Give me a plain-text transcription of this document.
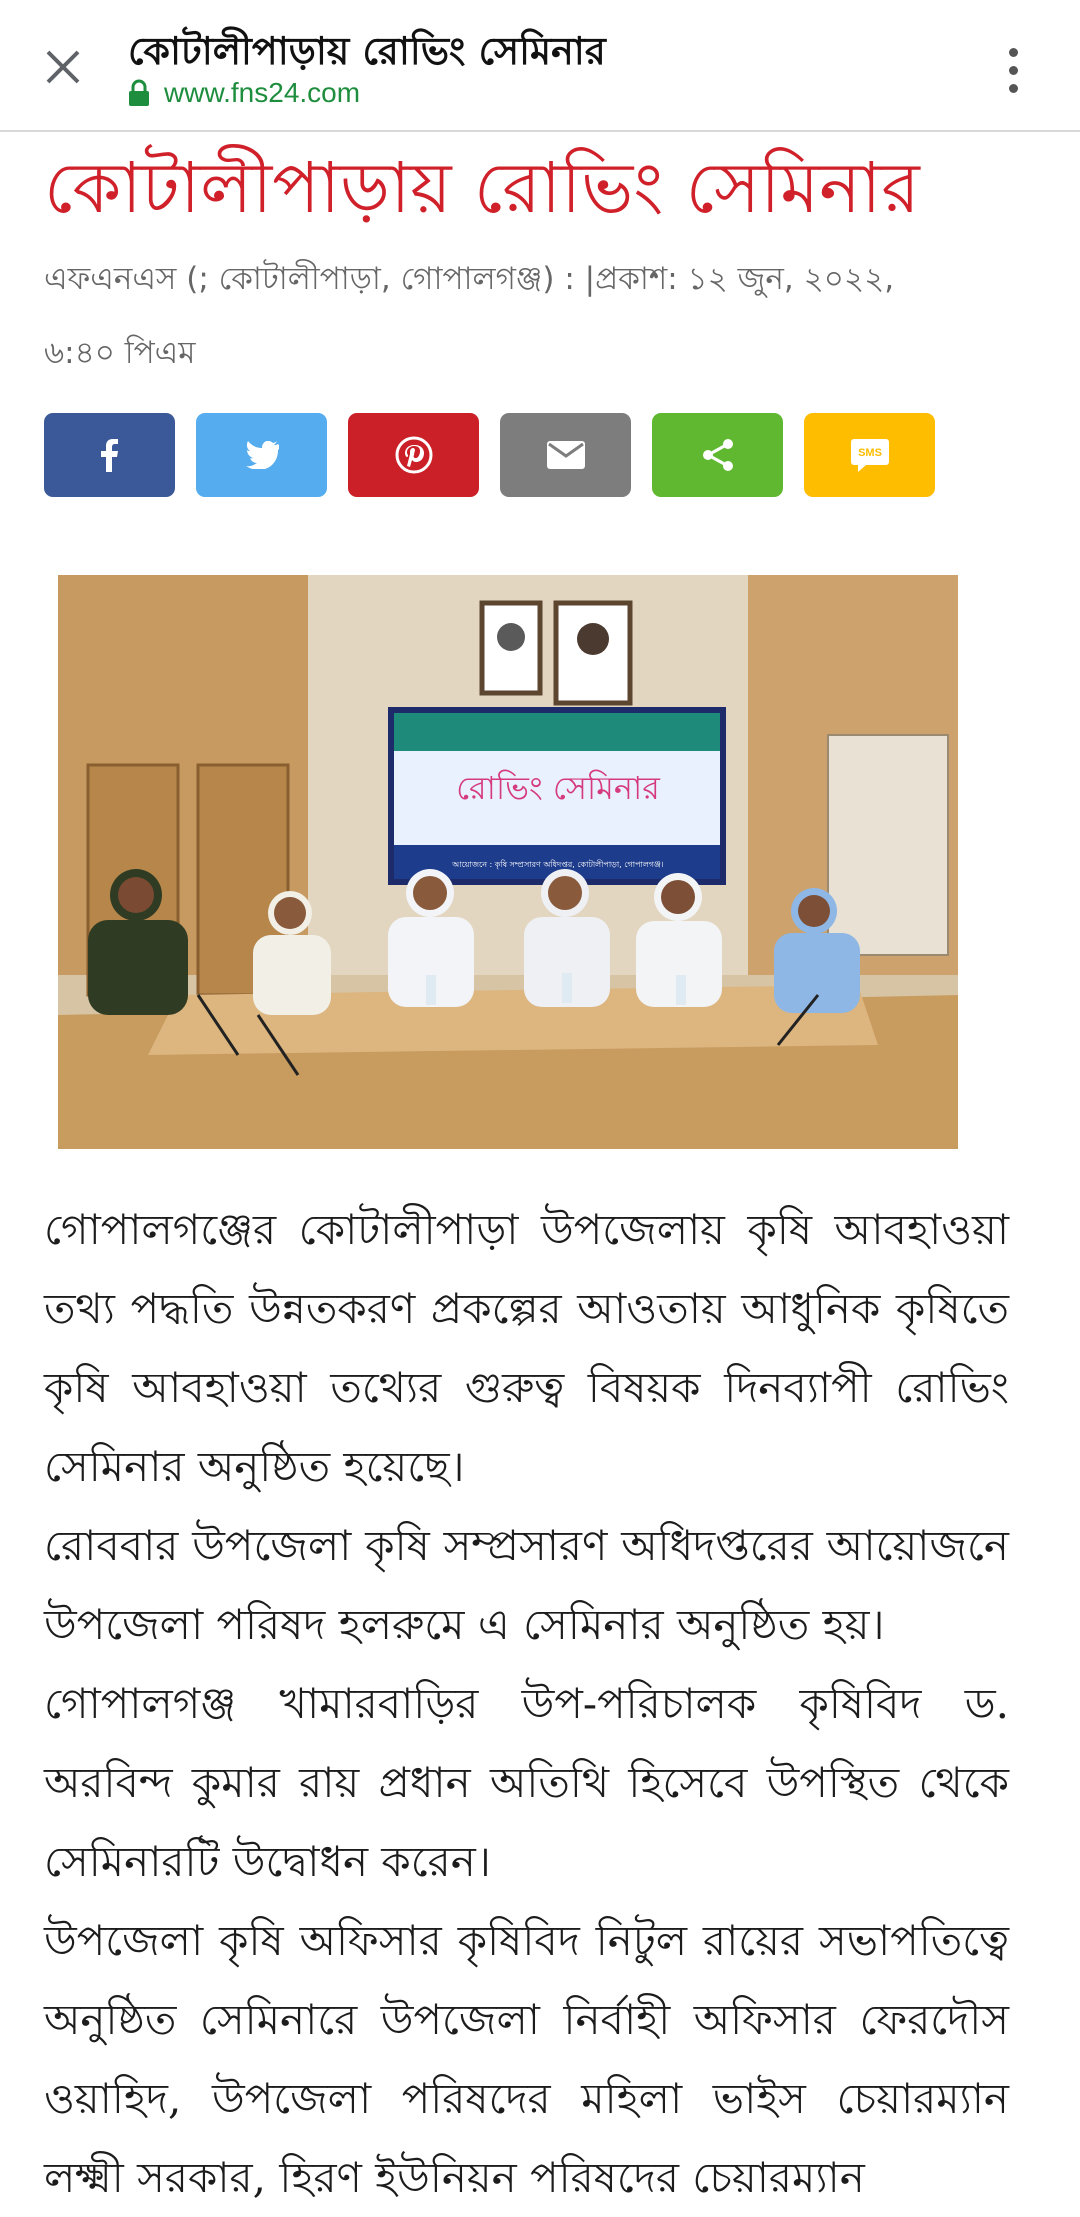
কোটালীপাড়ায় রোভিং সেমিনার
www.fns24.com
কোটালীপাড়ায় রোভিং সেমিনার
এফএনএস (; কোটালীপাড়া, গোপালগঞ্জ) : |প্রকাশ: ১২ জুন, ২০২২,
৬:৪০ পিএম
SMS
রোভিং সেমিনার
আয়োজনে : কৃষি সম্প্রসারণ অধিদপ্তর, কোটালীপাড়া, গোপালগঞ্জ।

গোপালগঞ্জের কোটালীপাড়া উপজেলায় কৃষি আবহাওয়া তথ্য পদ্ধতি উন্নতকরণ প্রকল্পের আওতায় আধুনিক কৃষিতে কৃষি আবহাওয়া তথ্যের গুরুত্ব বিষয়ক দিনব্যাপী রোভিং সেমিনার অনুষ্ঠিত হয়েছে।

রোববার উপজেলা কৃষি সম্প্রসারণ অধিদপ্তরের আয়োজনে উপজেলা পরিষদ হলরুমে এ সেমিনার অনুষ্ঠিত হয়।

গোপালগঞ্জ খামারবাড়ির উপ-পরিচালক কৃষিবিদ ড. অরবিন্দ কুমার রায় প্রধান অতিথি হিসেবে উপস্থিত থেকে সেমিনারটি উদ্বোধন করেন।

উপজেলা কৃষি অফিসার কৃষিবিদ নিটুল রায়ের সভাপতিত্বে অনুষ্ঠিত সেমিনারে উপজেলা নির্বাহী অফিসার ফেরদৌস ওয়াহিদ, উপজেলা পরিষদের মহিলা ভাইস চেয়ারম্যান লক্ষ্মী সরকার, হিরণ ইউনিয়ন পরিষদের চেয়ারম্যান
